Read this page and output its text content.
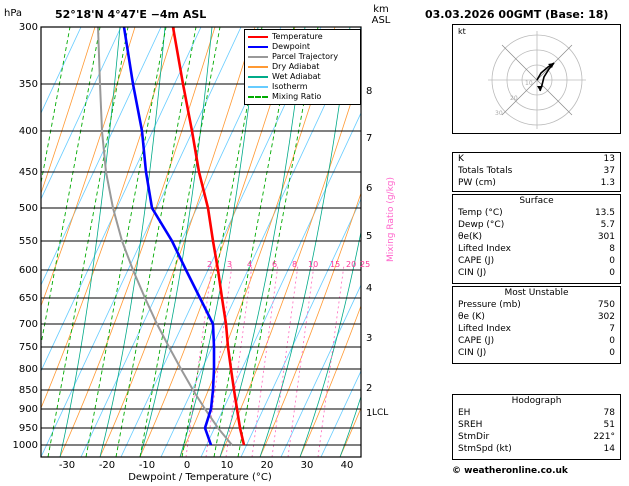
hPa	52°18'N 4°47'E −4m ASL	km
ASL
300
350
400
450
500
550
600
650
700
750
800
850
900
950
1000
8
7
6
5
4
3
2
1 LCL
-30	-20	-10	0	10	20	30	40
Dewpoint / Temperature (°C)
2 3 4 6 8 10 15 20 25
Mixing Ratio (g/kg)
Temperature
Dewpoint
Parcel Trajectory
Dry Adiabat
Wet Adiabat
Isotherm
Mixing Ratio
03.03.2026 00GMT (Base: 18)
10
20
30
kt
K	13
Totals Totals	37
PW (cm)	1.3
Surface
Temp (°C)	13.5
Dewp (°C)	5.7
θe(K)	301
Lifted Index	8
CAPE (J)	0
CIN (J)	0
Most Unstable
Pressure (mb)	750
θe (K)	302
Lifted Index	7
CAPE (J)	0
CIN (J)	0
Hodograph
EH	78
SREH	51
StmDir	221°
StmSpd (kt)	14
© weatheronline.co.uk
